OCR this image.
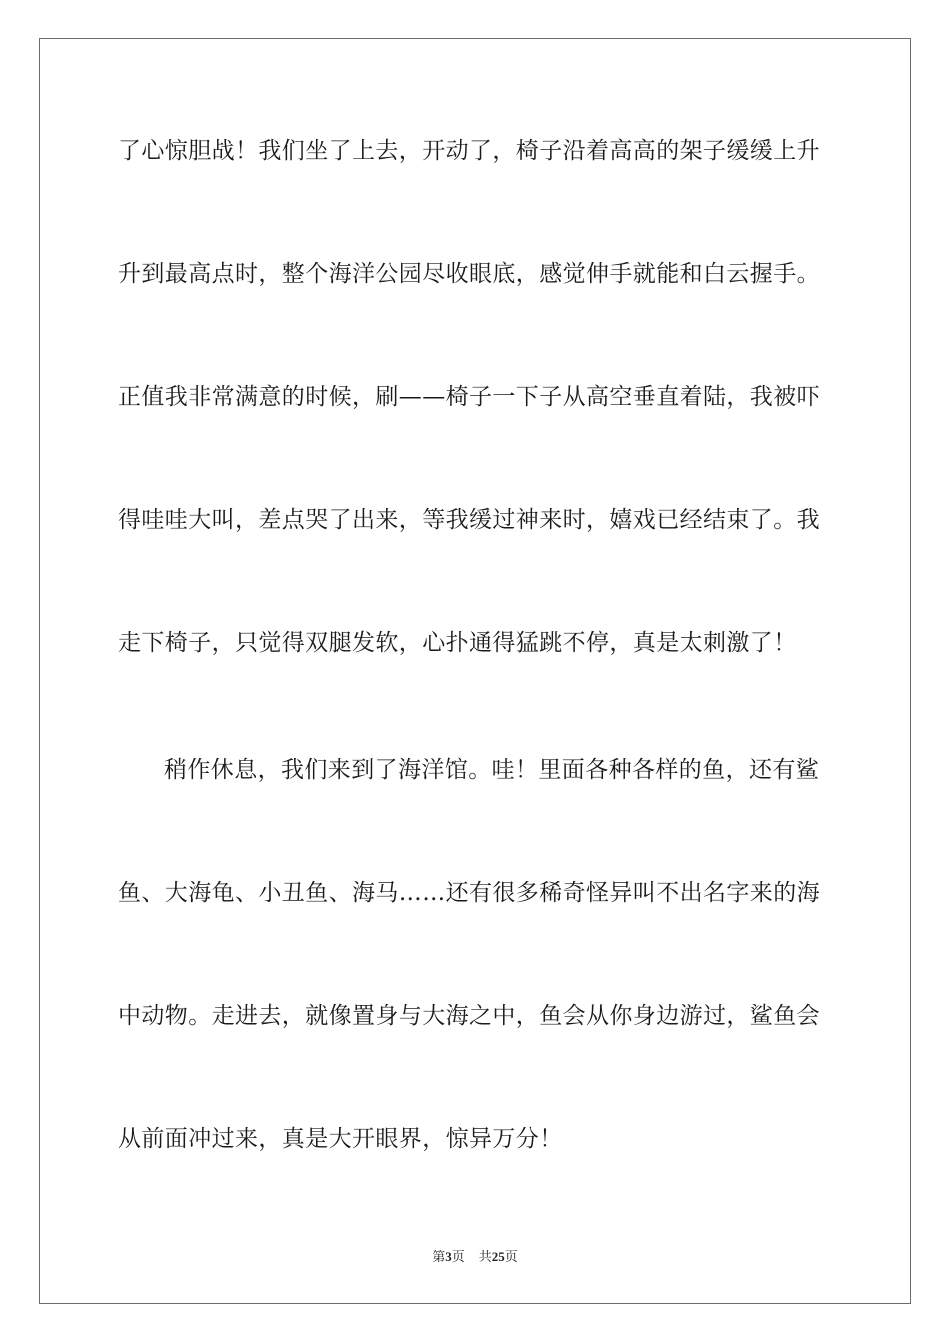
了心惊胆战！我们坐了上去，开动了，椅子沿着高高的架子缓缓上升
升到最高点时，整个海洋公园尽收眼底，感觉伸手就能和白云握手。
正值我非常满意的时候，刷——椅子一下子从高空垂直着陆，我被吓
得哇哇大叫，差点哭了出来，等我缓过神来时，嬉戏已经结束了。我
走下椅子，只觉得双腿发软，心扑通得猛跳不停，真是太刺激了！
稍作休息，我们来到了海洋馆。哇！里面各种各样的鱼，还有鲨
鱼、大海龟、小丑鱼、海马……还有很多稀奇怪异叫不出名字来的海
中动物。走进去，就像置身与大海之中，鱼会从你身边游过，鲨鱼会
从前面冲过来，真是大开眼界，惊异万分！
第3页 共25页
